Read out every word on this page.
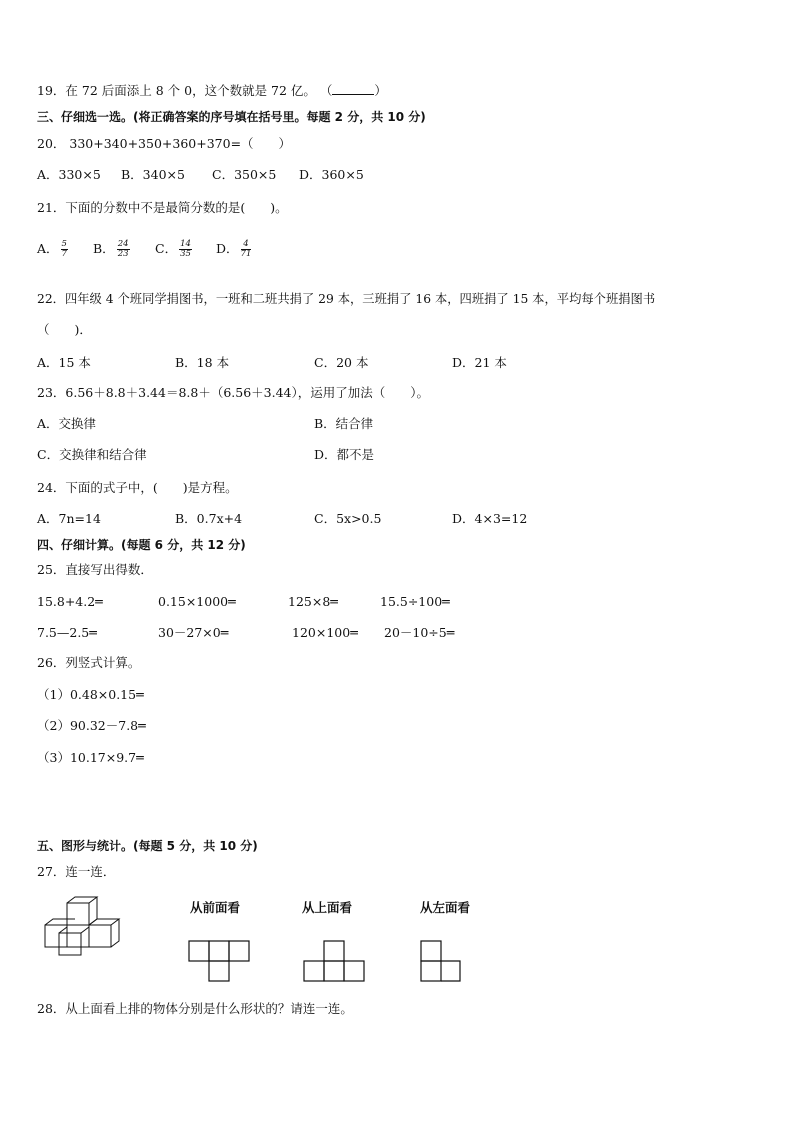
19．在 72 后面添上 8 个 0，这个数就是 72 亿。 （	）
三、仔细选一选。(将正确答案的序号填在括号里。每题 2 分，共 10 分)
20． 330+340+350+360+370=（　　）
A．330×5 B．340×5 C．350×5 D．360×5
21．下面的分数中不是最简分数的是(　　)。
A． $\frac{5}{7}$ B． $\frac{24}{23}$ C． $\frac{14}{35}$ D． $\frac{4}{71}$
22．四年级 4 个班同学捐图书，一班和二班共捐了 29 本，三班捐了 16 本，四班捐了 15 本，平均每个班捐图书
（　　)．
A．15 本	B．18 本	C．20 本	D．21 本
23．6.56＋8.8＋3.44＝8.8＋（6.56＋3.44），运用了加法（　　）。
A．交换律	B．结合律
C．交换律和结合律	D．都不是
24．下面的式子中，(　　)是方程。
A．7n=14	B．0.7x+4	C．5x>0.5	D．4×3=12
四、仔细计算。(每题 6 分，共 12 分)
25．直接写出得数．
15.8+4.2═	0.15×1000═	125×8═	15.5÷100═
7.5—2.5═	30－27×0═	120×100═ 20－10÷5═
26．列竖式计算。
（1）0.48×0.15═
（2）90.32－7.8═
（3）10.17×9.7═
五、图形与统计。(每题 5 分，共 10 分)
27．连一连．
从前面看	从上面看	从左面看
28．从上面看上排的物体分别是什么形状的？请连一连。
